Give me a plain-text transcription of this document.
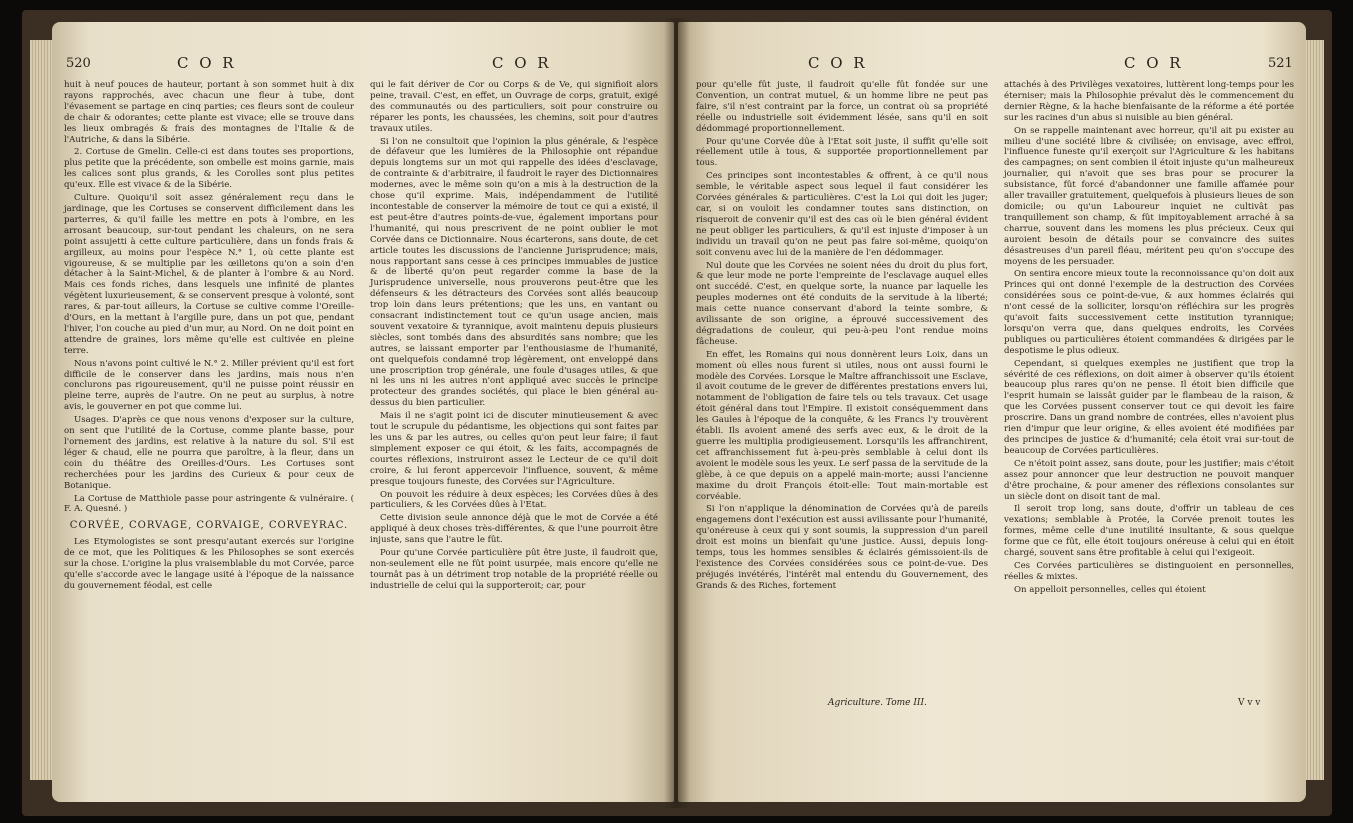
520	C O R	C O R

huit à neuf pouces de hauteur, portant à son sommet huit à dix rayons rapprochés, avec chacun une fleur à tube, dont l'évasement se partage en cinq parties; ces fleurs sont de couleur de chair & odorantes; cette plante est vivace; elle se trouve dans les lieux ombragés & frais des montagnes de l'Italie & de l'Autriche, & dans la Sibérie.

2. Cortuse de Gmelin. Celle-ci est dans toutes ses proportions, plus petite que la précédente, son ombelle est moins garnie, mais les calices sont plus grands, & les Corolles sont plus petites qu'eux. Elle est vivace & de la Sibérie.

Culture. Quoiqu'il soit assez généralement reçu dans le jardinage, que les Cortuses se conservent difficilement dans les parterres, & qu'il faille les mettre en pots à l'ombre, en les arrosant beaucoup, sur-tout pendant les chaleurs, on ne sera point assujetti à cette culture particulière, dans un fonds frais & argilleux, au moins pour l'espèce N.° 1, où cette plante est vigoureuse, & se multiplie par les œilletons qu'on a soin d'en détacher à la Saint-Michel, & de planter à l'ombre & au Nord. Mais ces fonds riches, dans lesquels une infinité de plantes végètent luxurieusement, & se conservent presque à volonté, sont rares, & par-tout ailleurs, la Cortuse se cultive comme l'Oreille-d'Ours, en la mettant à l'argille pure, dans un pot que, pendant l'hiver, l'on couche au pied d'un mur, au Nord. On ne doit point en attendre de graines, lors même qu'elle est cultivée en pleine terre.

Nous n'avons point cultivé le N.° 2. Miller prévient qu'il est fort difficile de le conserver dans les jardins, mais nous n'en conclurons pas rigoureusement, qu'il ne puisse point réussir en pleine terre, auprès de l'autre. On ne peut au surplus, à notre avis, le gouverner en pot que comme lui.

Usages. D'après ce que nous venons d'exposer sur la culture, on sent que l'utilité de la Cortuse, comme plante basse, pour l'ornement des jardins, est relative à la nature du sol. S'il est léger & chaud, elle ne pourra que paroître, à la fleur, dans un coin du théâtre des Oreilles-d'Ours. Les Cortuses sont recherchées pour les jardins des Curieux & pour ceux de Botanique.

La Cortuse de Matthiole passe pour astringente & vulnéraire. ( F. A. Quesné. )

CORVÉE, CORVAGE, CORVAIGE, CORVEYRAC.

Les Etymologistes se sont presqu'autant exercés sur l'origine de ce mot, que les Politiques & les Philosophes se sont exercés sur la chose. L'origine la plus vraisemblable du mot Corvée, parce qu'elle s'accorde avec le langage usité à l'époque de la naissance du gouvernement féodal, est celle

qui le fait dériver de Cor ou Corps & de Ve, qui signifioit alors peine, travail. C'est, en effet, un Ouvrage de corps, gratuit, exigé des communautés ou des particuliers, soit pour construire ou réparer les ponts, les chaussées, les chemins, soit pour d'autres travaux utiles.

Si l'on ne consultoit que l'opinion la plus générale, & l'espèce de défaveur que les lumières de la Philosophie ont répandue depuis longtems sur un mot qui rappelle des idées d'esclavage, de contrainte & d'arbitraire, il faudroit le rayer des Dictionnaires modernes, avec le même soin qu'on a mis à la destruction de la chose qu'il exprime. Mais, indépendamment de l'utilité incontestable de conserver la mémoire de tout ce qui a existé, il est peut-être d'autres points-de-vue, également importans pour l'humanité, qui nous prescrivent de ne point oublier le mot Corvée dans ce Dictionnaire. Nous écarterons, sans doute, de cet article toutes les discussions de l'ancienne Jurisprudence; mais, nous rapportant sans cesse à ces principes immuables de justice & de liberté qu'on peut regarder comme la base de la Jurisprudence universelle, nous prouverons peut-être que les défenseurs & les détracteurs des Corvées sont allés beaucoup trop loin dans leurs prétentions; que les uns, en vantant ou consacrant indistinctement tout ce qu'un usage ancien, mais souvent vexatoire & tyrannique, avoit maintenu depuis plusieurs siècles, sont tombés dans des absurdités sans nombre; que les autres, se laissant emporter par l'enthousiasme de l'humanité, ont quelquefois condamné trop légèrement, ont enveloppé dans une proscription trop générale, une foule d'usages utiles, & que ni les uns ni les autres n'ont appliqué avec succès le principe protecteur des grandes sociétés, qui place le bien général au-dessus du bien particulier.

Mais il ne s'agit point ici de discuter minutieusement & avec tout le scrupule du pédantisme, les objections qui sont faites par les uns & par les autres, ou celles qu'on peut leur faire; il faut simplement exposer ce qui étoit, & les faits, accompagnés de courtes réflexions, instruiront assez le Lecteur de ce qu'il doit croire, & lui feront appercevoir l'influence, souvent, & même presque toujours funeste, des Corvées sur l'Agriculture.

On pouvoit les réduire à deux espèces; les Corvées dûes à des particuliers, & les Corvées dûes à l'Etat.

Cette division seule annonce déjà que le mot de Corvée a été appliqué à deux choses très-différentes, & que l'une pourroit être injuste, sans que l'autre le fût.

Pour qu'une Corvée particulière pût être juste, il faudroit que, non-seulement elle ne fût point usurpée, mais encore qu'elle ne tournât pas à un détriment trop notable de la propriété réelle ou industrielle de celui qui la supporteroit; car, pour

C O R	C O R	521

pour qu'elle fût juste, il faudroit qu'elle fût fondée sur une Convention, un contrat mutuel, & un homme libre ne peut pas faire, s'il n'est contraint par la force, un contrat où sa propriété réelle ou industrielle soit évidemment lésée, sans qu'il en soit dédommagé proportionnellement.

Pour qu'une Corvée dûe à l'Etat soit juste, il suffit qu'elle soit réellement utile à tous, & supportée proportionnellement par tous.

Ces principes sont incontestables & offrent, à ce qu'il nous semble, le véritable aspect sous lequel il faut considérer les Corvées générales & particulières. C'est la Loi qui doit les juger; car, si on vouloit les condamner toutes sans distinction, on risqueroit de convenir qu'il est des cas où le bien général évident ne peut obliger les particuliers, & qu'il est injuste d'imposer à un individu un travail qu'on ne peut pas faire soi-même, quoiqu'on soit convenu avec lui de la manière de l'en dédommager.

Nul doute que les Corvées ne soient nées du droit du plus fort, & que leur mode ne porte l'empreinte de l'esclavage auquel elles ont succédé. C'est, en quelque sorte, la nuance par laquelle les peuples modernes ont été conduits de la servitude à la liberté; mais cette nuance conservant d'abord la teinte sombre, & avilissante de son origine, a éprouvé successivement des dégradations de couleur, qui peu-à-peu l'ont rendue moins fâcheuse.

En effet, les Romains qui nous donnèrent leurs Loix, dans un moment où elles nous furent si utiles, nous ont aussi fourni le modèle des Corvées. Lorsque le Maître affranchissoit une Esclave, il avoit coutume de le grever de différentes prestations envers lui, notamment de l'obligation de faire tels ou tels travaux. Cet usage étoit général dans tout l'Empire. Il existoit conséquemment dans les Gaules à l'époque de la conquête, & les Francs l'y trouvèrent établi. Ils avoient amené des serfs avec eux, & le droit de la guerre les multiplia prodigieusement. Lorsqu'ils les affranchirent, cet affranchissement fut à-peu-près semblable à celui dont ils avoient le modèle sous les yeux. Le serf passa de la servitude de la glèbe, à ce que depuis on a appelé main-morte; aussi l'ancienne maxime du droit François étoit-elle: Tout main-mortable est corvéable.

Si l'on n'applique la dénomination de Corvées qu'à de pareils engagemens dont l'exécution est aussi avilissante pour l'humanité, qu'onéreuse à ceux qui y sont soumis, la suppression d'un pareil droit est moins un bienfait qu'une justice. Aussi, depuis long-temps, tous les hommes sensibles & éclairés gémissoient-ils de l'existence des Corvées considérées sous ce point-de-vue. Des préjugés invétérés, l'intérêt mal entendu du Gouvernement, des Grands & des Riches, fortement

Agriculture. Tome III.

attachés à des Privilèges vexatoires, luttèrent long-temps pour les éterniser; mais la Philosophie prévalut dès le commencement du dernier Règne, & la hache bienfaisante de la réforme a été portée sur les racines d'un abus si nuisible au bien général.

On se rappelle maintenant avec horreur, qu'il ait pu exister au milieu d'une société libre & civilisée; on envisage, avec effroi, l'influence funeste qu'il exerçoit sur l'Agriculture & les habitans des campagnes; on sent combien il étoit injuste qu'un malheureux journalier, qui n'avoit que ses bras pour se procurer la subsistance, fût forcé d'abandonner une famille affamée pour aller travailler gratuitement, quelquefois à plusieurs lieues de son domicile; ou qu'un Laboureur inquiet ne cultivât pas tranquillement son champ, & fût impitoyablement arraché à sa charrue, souvent dans les momens les plus précieux. Ceux qui auroient besoin de détails pour se convaincre des suites désastreuses d'un pareil fléau, méritent peu qu'on s'occupe des moyens de les persuader.

On sentira encore mieux toute la reconnoissance qu'on doit aux Princes qui ont donné l'exemple de la destruction des Corvées considérées sous ce point-de-vue, & aux hommes éclairés qui n'ont cessé de la solliciter, lorsqu'on réfléchira sur les progrès qu'avoit faits successivement cette institution tyrannique; lorsqu'on verra que, dans quelques endroits, les Corvées publiques ou particulières étoient commandées & dirigées par le despotisme le plus odieux.

Cependant, si quelques exemples ne justifient que trop la sévérité de ces réflexions, on doit aimer à observer qu'ils étoient beaucoup plus rares qu'on ne pense. Il étoit bien difficile que l'esprit humain se laissât guider par le flambeau de la raison, & que les Corvées pussent conserver tout ce qui devoit les faire proscrire. Dans un grand nombre de contrées, elles n'avoient plus rien d'impur que leur origine, & elles avoient été modifiées par des principes de justice & d'humanité; cela étoit vrai sur-tout de beaucoup de Corvées particulières.

Ce n'étoit point assez, sans doute, pour les justifier; mais c'étoit assez pour annoncer que leur destruction ne pouvoit manquer d'être prochaine, & pour amener des réflexions consolantes sur un siècle dont on disoit tant de mal.

Il seroit trop long, sans doute, d'offrir un tableau de ces vexations; semblable à Protée, la Corvée prenoit toutes les formes, même celle d'une inutilité insultante, & sous quelque forme que ce fût, elle étoit toujours onéreuse à celui qui en étoit chargé, souvent sans être profitable à celui qui l'exigeoit.

Ces Corvées particulières se distinguoient en personnelles, réelles & mixtes.

On appelloit personnelles, celles qui étoient

V v v
